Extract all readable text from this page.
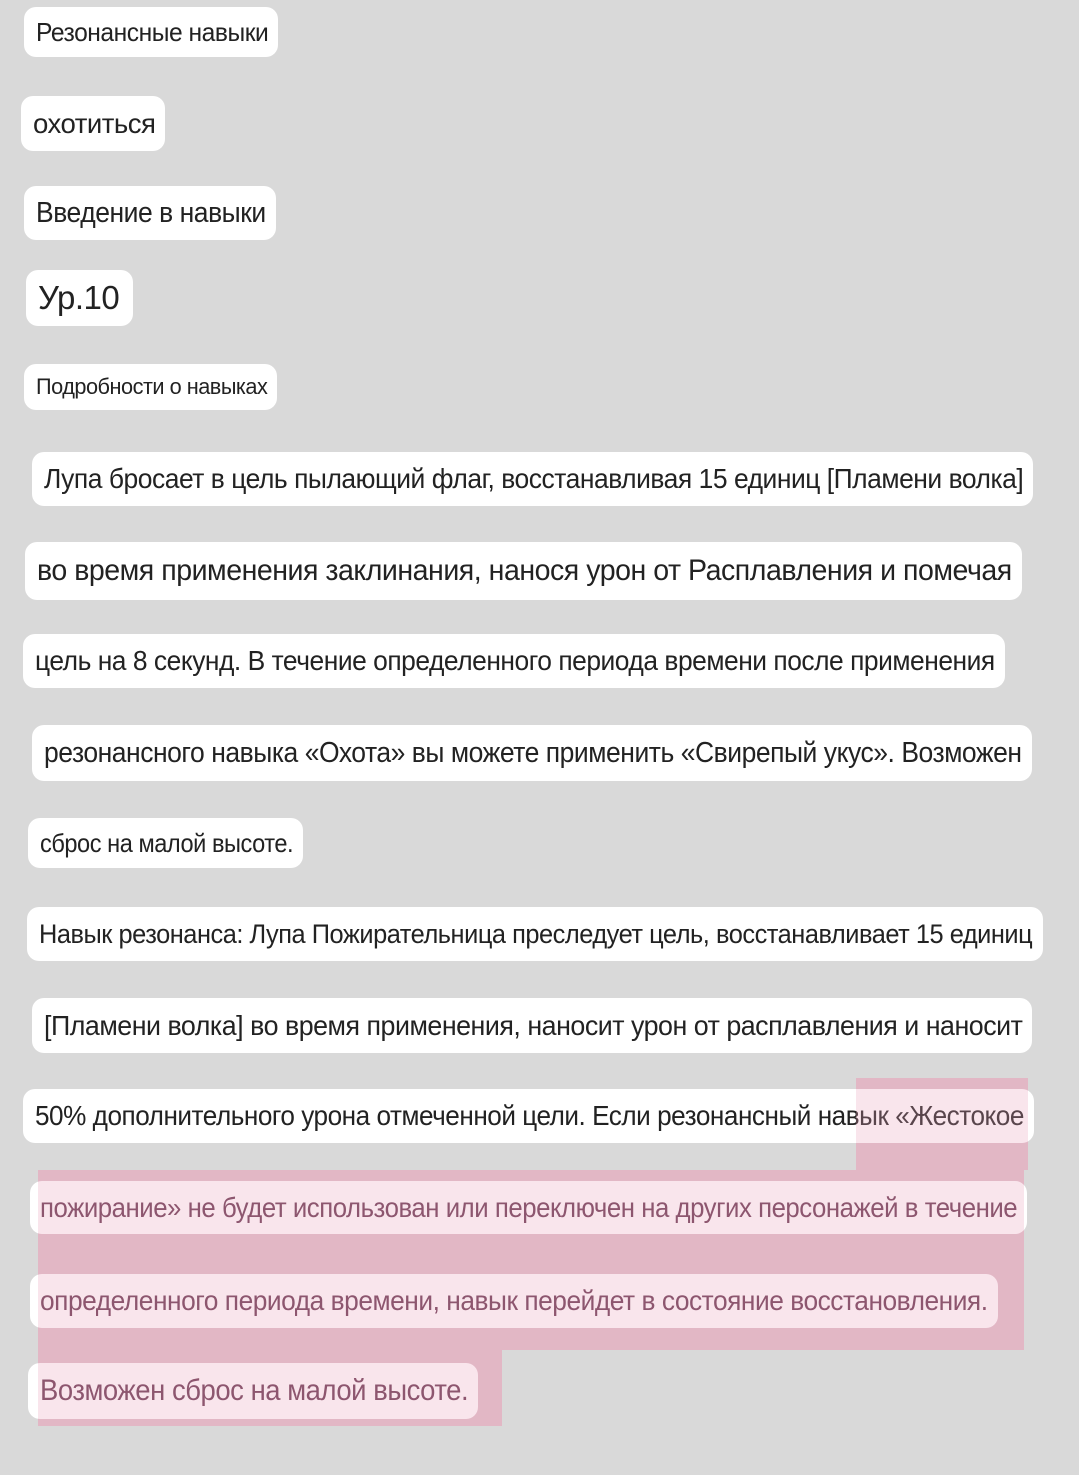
Резонансные навыки
охотиться
Введение в навыки
Ур.10
Подробности о навыках
Лупа бросает в цель пылающий флаг, восстанавливая 15 единиц [Пламени волка]
во время применения заклинания, нанося урон от Расплавления и помечая
цель на 8 секунд. В течение определенного периода времени после применения
резонансного навыка «Охота» вы можете применить «Свирепый укус». Возможен
сброс на малой высоте.
Навык резонанса: Лупа Пожирательница преследует цель, восстанавливает 15 единиц
[Пламени волка] во время применения, наносит урон от расплавления и наносит
50% дополнительного урона отмеченной цели. Если резонансный навык «Жестокое
пожирание» не будет использован или переключен на других персонажей в течение
определенного периода времени, навык перейдет в состояние восстановления.
Возможен сброс на малой высоте.
